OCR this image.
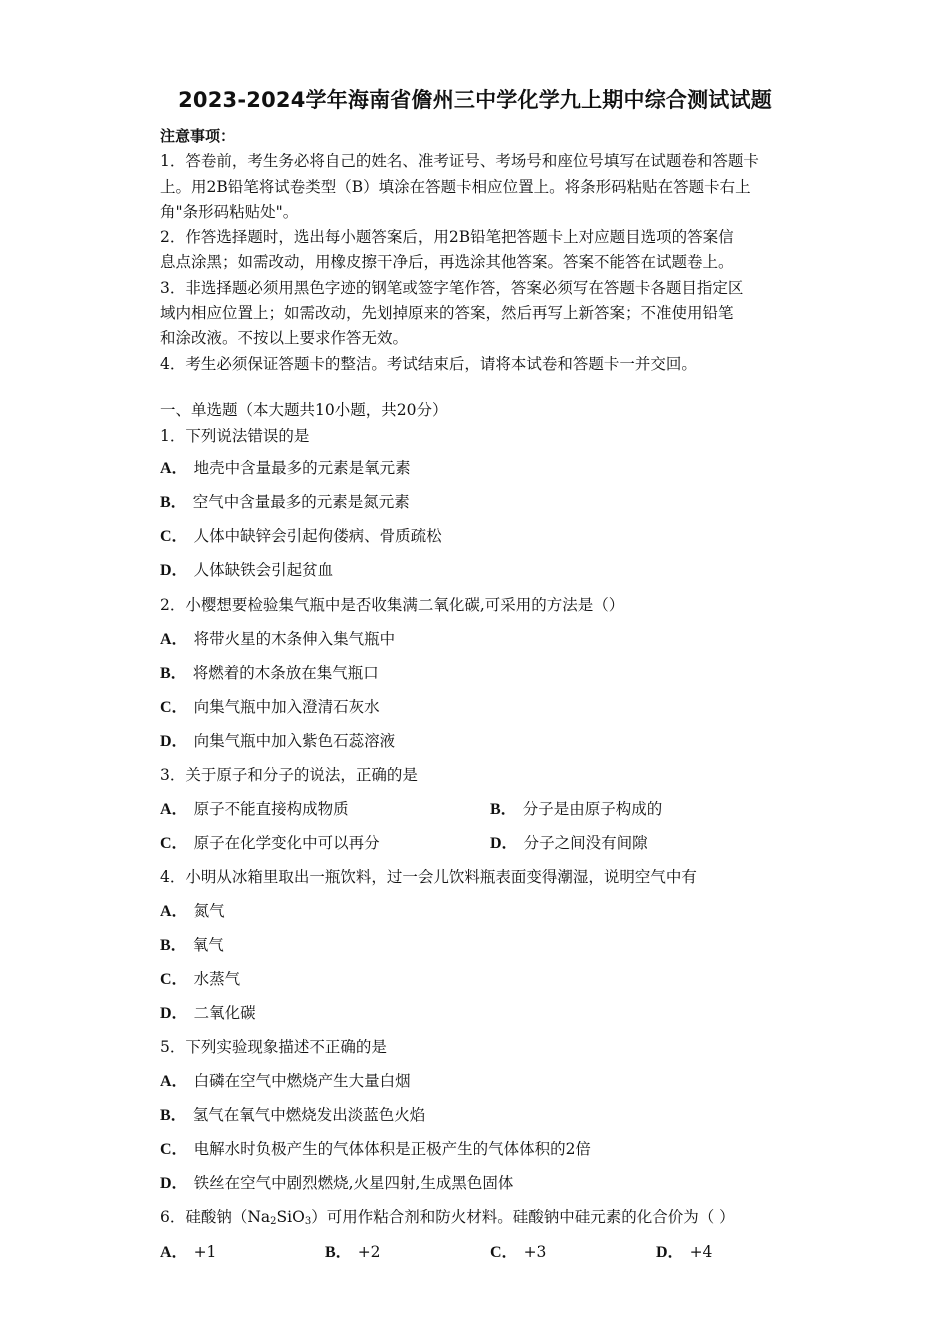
2023-2024学年海南省儋州三中学化学九上期中综合测试试题
注意事项：
1．答卷前，考生务必将自己的姓名、准考证号、考场号和座位号填写在试题卷和答题卡
上。用2B铅笔将试卷类型（B）填涂在答题卡相应位置上。将条形码粘贴在答题卡右上
角"条形码粘贴处"。
2．作答选择题时，选出每小题答案后，用2B铅笔把答题卡上对应题目选项的答案信
息点涂黑；如需改动，用橡皮擦干净后，再选涂其他答案。答案不能答在试题卷上。
3．非选择题必须用黑色字迹的钢笔或签字笔作答，答案必须写在答题卡各题目指定区
域内相应位置上；如需改动，先划掉原来的答案，然后再写上新答案；不准使用铅笔
和涂改液。不按以上要求作答无效。
4．考生必须保证答题卡的整洁。考试结束后，请将本试卷和答题卡一并交回。
一、单选题（本大题共10小题，共20分）
1．下列说法错误的是
A． 地壳中含量最多的元素是氧元素
B． 空气中含量最多的元素是氮元素
C． 人体中缺锌会引起佝偻病、骨质疏松
D． 人体缺铁会引起贫血
2．小樱想要检验集气瓶中是否收集满二氧化碳,可采用的方法是（）
A． 将带火星的木条伸入集气瓶中
B． 将燃着的木条放在集气瓶口
C． 向集气瓶中加入澄清石灰水
D． 向集气瓶中加入紫色石蕊溶液
3．关于原子和分子的说法，正确的是
A． 原子不能直接构成物质	B． 分子是由原子构成的
C． 原子在化学变化中可以再分	D． 分子之间没有间隙
4．小明从冰箱里取出一瓶饮料，过一会儿饮料瓶表面变得潮湿，说明空气中有
A． 氮气
B． 氧气
C． 水蒸气
D． 二氧化碳
5．下列实验现象描述不正确的是
A． 白磷在空气中燃烧产生大量白烟
B． 氢气在氧气中燃烧发出淡蓝色火焰
C． 电解水时负极产生的气体体积是正极产生的气体体积的2倍
D． 铁丝在空气中剧烈燃烧,火星四射,生成黑色固体
6．硅酸钠$(Na_2SiO_3)$可用作粘合剂和防火材料。硅酸钠中硅元素的化合价为（ ）
A． +1	B． +2	C． +3	D． +4
